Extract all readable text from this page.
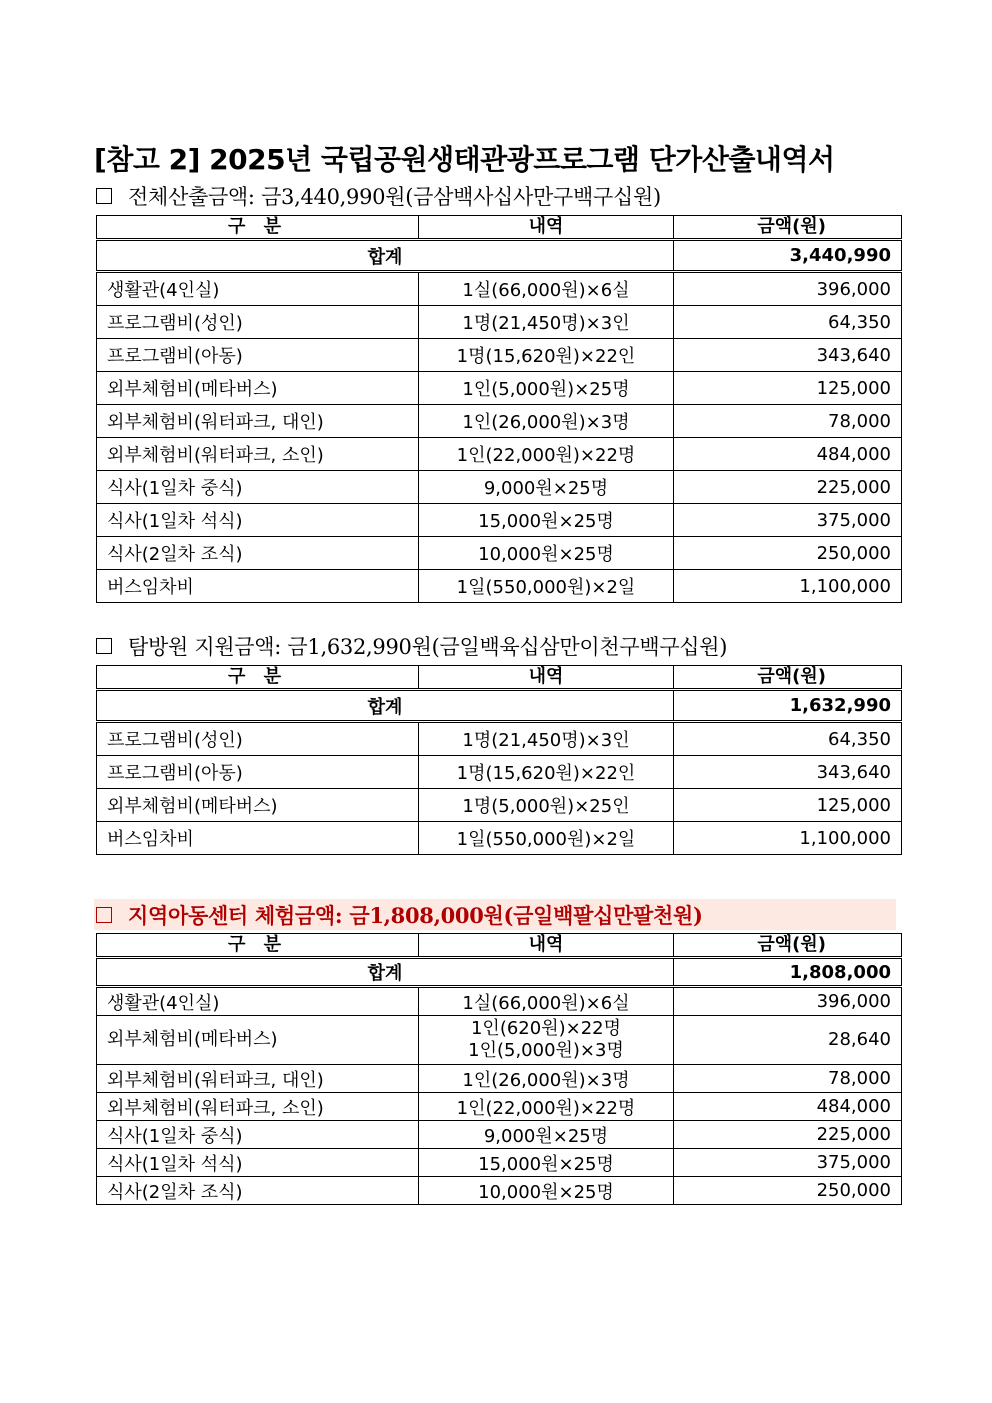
[참고 2] 2025년 국립공원생태관광프로그램 단가산출내역서
전체산출금액: 금3,440,990원(금삼백사십사만구백구십원)
구 분	내역	금액(원)
합계		3,440,990
생활관(4인실)	1실(66,000원)×6실	396,000
프로그램비(성인)	1명(21,450명)×3인	64,350
프로그램비(아동)	1명(15,620원)×22인	343,640
외부체험비(메타버스)	1인(5,000원)×25명	125,000
외부체험비(워터파크, 대인)	1인(26,000원)×3명	78,000
외부체험비(워터파크, 소인)	1인(22,000원)×22명	484,000
식사(1일차 중식)	9,000원×25명	225,000
식사(1일차 석식)	15,000원×25명	375,000
식사(2일차 조식)	10,000원×25명	250,000
버스임차비	1일(550,000원)×2일	1,100,000
탐방원 지원금액: 금1,632,990원(금일백육십삼만이천구백구십원)
구 분	내역	금액(원)
합계		1,632,990
프로그램비(성인)	1명(21,450명)×3인	64,350
프로그램비(아동)	1명(15,620원)×22인	343,640
외부체험비(메타버스)	1명(5,000원)×25인	125,000
버스임차비	1일(550,000원)×2일	1,100,000
지역아동센터 체험금액: 금1,808,000원(금일백팔십만팔천원)
구 분	내역	금액(원)
합계		1,808,000
생활관(4인실)	1실(66,000원)×6실	396,000
외부체험비(메타버스)	1인(620원)×22명
1인(5,000원)×3명	28,640
외부체험비(워터파크, 대인)	1인(26,000원)×3명	78,000
외부체험비(워터파크, 소인)	1인(22,000원)×22명	484,000
식사(1일차 중식)	9,000원×25명	225,000
식사(1일차 석식)	15,000원×25명	375,000
식사(2일차 조식)	10,000원×25명	250,000
